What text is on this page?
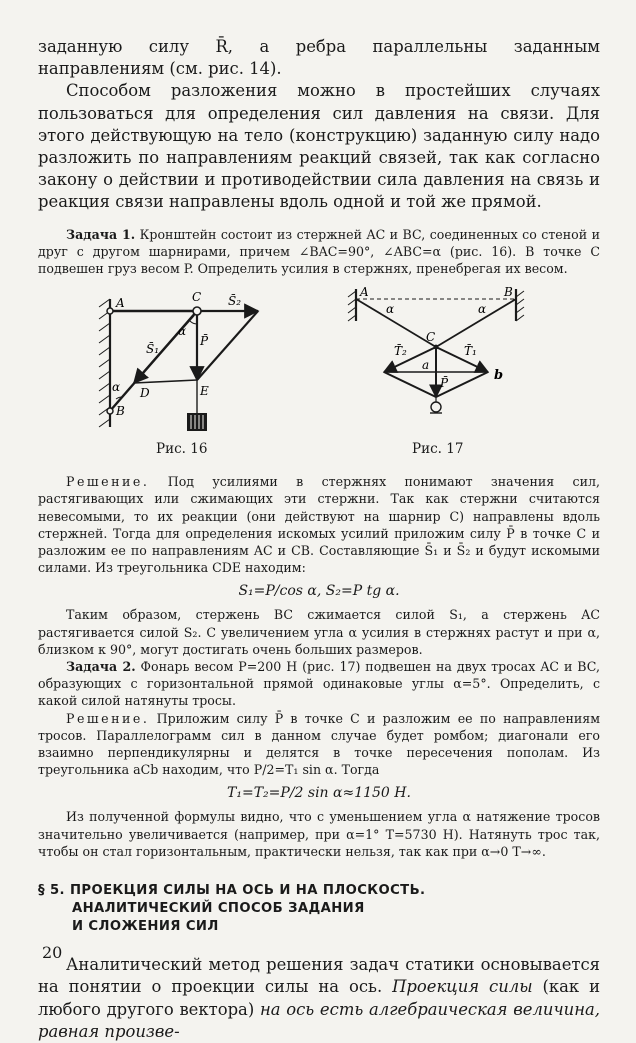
заданную силу R̄, а ребра параллельны заданным направлениям (см. рис. 14).

Способом разложения можно в простейших случаях пользоваться для определения сил давления на связи. Для этого действующую на тело (конструкцию) заданную силу надо разложить по направлениям реакций связей, так как согласно закону о действии и противодействии сила давления на связь и реакция связи направлены вдоль одной и той же прямой.

Задача 1. Кронштейн состоит из стержней AC и BC, соединенных со стеной и друг с другом шарнирами, причем ∠BAC=90°, ∠ABC=α (рис. 16). В точке C подвешен груз весом P. Определить усилия в стержнях, пренебрегая их весом.

A	C S̄₂
α
P̄
S̄₁
α D	E
B
Рис. 16
A	B
α	α
C
T̄₂	T̄₁
a
P̄	b
Рис. 17

Решение. Под усилиями в стержнях понимают значения сил, растягивающих или сжимающих эти стержни. Так как стержни считаются невесомыми, то их реакции (они действуют на шарнир C) направлены вдоль стержней. Тогда для определения искомых усилий приложим силу P̄ в точке C и разложим ее по направлениям AC и CB. Составляющие S̄₁ и S̄₂ и будут искомыми силами. Из треугольника CDE находим:

S₁=P/cos α, S₂=P tg α.

Таким образом, стержень BC сжимается силой S₁, а стержень AC растягивается силой S₂. С увеличением угла α усилия в стержнях растут и при α, близком к 90°, могут достигать очень больших размеров.

Задача 2. Фонарь весом P=200 H (рис. 17) подвешен на двух тросах AC и BC, образующих с горизонтальной прямой одинаковые углы α=5°. Определить, с какой силой натянуты тросы.

Решение. Приложим силу P̄ в точке C и разложим ее по направлениям тросов. Параллелограмм сил в данном случае будет ромбом; диагонали его взаимно перпендикулярны и делятся в точке пересечения пополам. Из треугольника aCb находим, что P/2=T₁ sin α. Тогда

T₁=T₂=P/2 sin α≈1150 H.

Из полученной формулы видно, что с уменьшением угла α натяжение тросов значительно увеличивается (например, при α=1° T=5730 H). Натянуть трос так, чтобы он стал горизонтальным, практически нельзя, так как при α→0 T→∞.

§ 5. ПРОЕКЦИЯ СИЛЫ НА ОСЬ И НА ПЛОСКОСТЬ.
АНАЛИТИЧЕСКИЙ СПОСОБ ЗАДАНИЯ
И СЛОЖЕНИЯ СИЛ

Аналитический метод решения задач статики основывается на понятии о проекции силы на ось. Проекция силы (как и любого другого вектора) на ось есть алгебраическая величина, равная произве-

20
